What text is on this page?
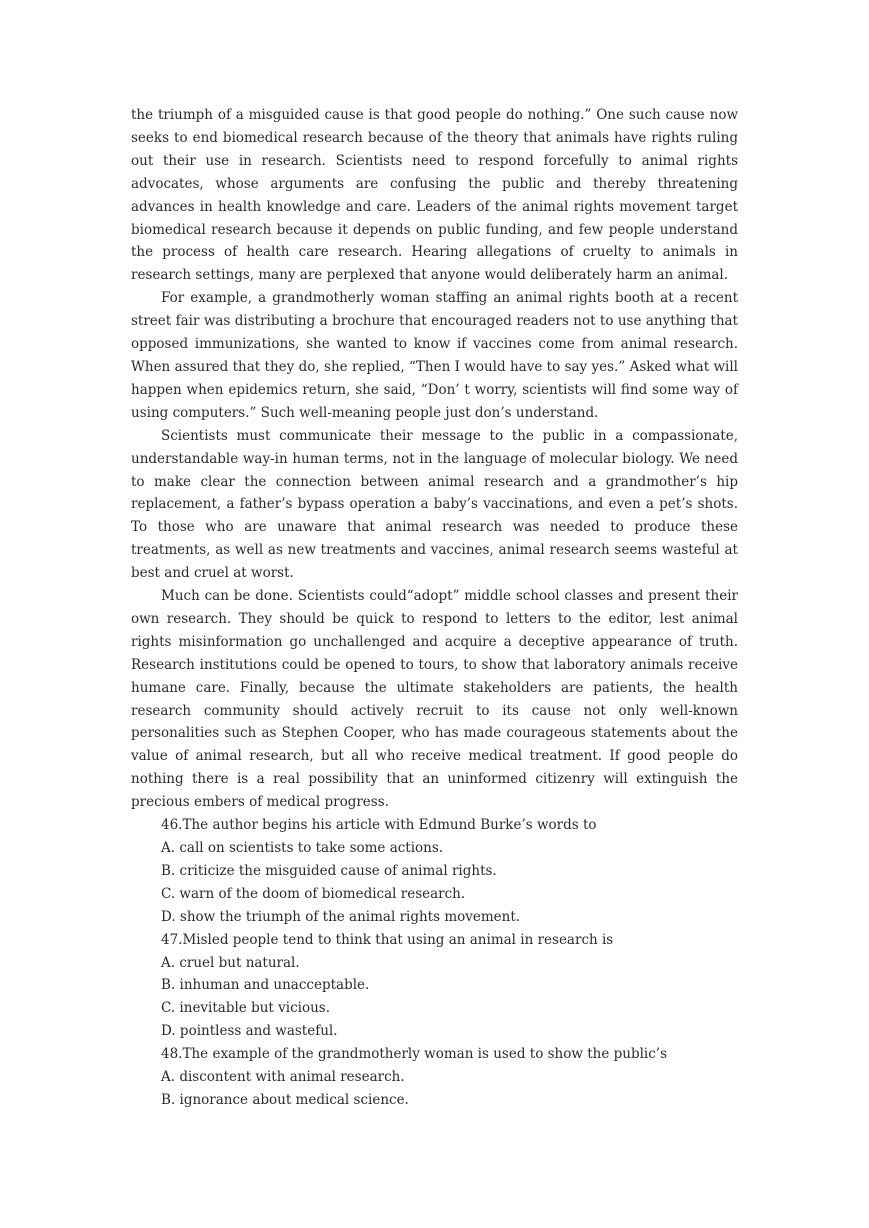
the triumph of a misguided cause is that good people do nothing.” One such cause now seeks to end biomedical research because of the theory that animals have rights ruling out their use in research. Scientists need to respond forcefully to animal rights advocates, whose arguments are confusing the public and thereby threatening advances in health knowledge and care. Leaders of the animal rights movement target biomedical research because it depends on public funding, and few people understand the process of health care research. Hearing allegations of cruelty to animals in research settings, many are perplexed that anyone would deliberately harm an animal.

For example, a grandmotherly woman staffing an animal rights booth at a recent street fair was distributing a brochure that encouraged readers not to use anything that opposed immunizations, she wanted to know if vaccines come from animal research. When assured that they do, she replied, “Then I would have to say yes.” Asked what will happen when epidemics return, she said, “Don’ t worry, scientists will find some way of using computers.” Such well-meaning people just don’s understand.

Scientists must communicate their message to the public in a compassionate, understandable way-in human terms, not in the language of molecular biology. We need to make clear the connection between animal research and a grandmother’s hip replacement, a father’s bypass operation a baby’s vaccinations, and even a pet’s shots. To those who are unaware that animal research was needed to produce these treatments, as well as new treatments and vaccines, animal research seems wasteful at best and cruel at worst.

Much can be done. Scientists could“adopt” middle school classes and present their own research. They should be quick to respond to letters to the editor, lest animal rights misinformation go unchallenged and acquire a deceptive appearance of truth. Research institutions could be opened to tours, to show that laboratory animals receive humane care. Finally, because the ultimate stakeholders are patients, the health research community should actively recruit to its cause not only well-known personalities such as Stephen Cooper, who has made courageous statements about the value of animal research, but all who receive medical treatment. If good people do nothing there is a real possibility that an uninformed citizenry will extinguish the precious embers of medical progress.

46.The author begins his article with Edmund Burke’s words to

A. call on scientists to take some actions.

B. criticize the misguided cause of animal rights.

C. warn of the doom of biomedical research.

D. show the triumph of the animal rights movement.

47.Misled people tend to think that using an animal in research is

A. cruel but natural.

B. inhuman and unacceptable.

C. inevitable but vicious.

D. pointless and wasteful.

48.The example of the grandmotherly woman is used to show the public’s

A. discontent with animal research.

B. ignorance about medical science.
